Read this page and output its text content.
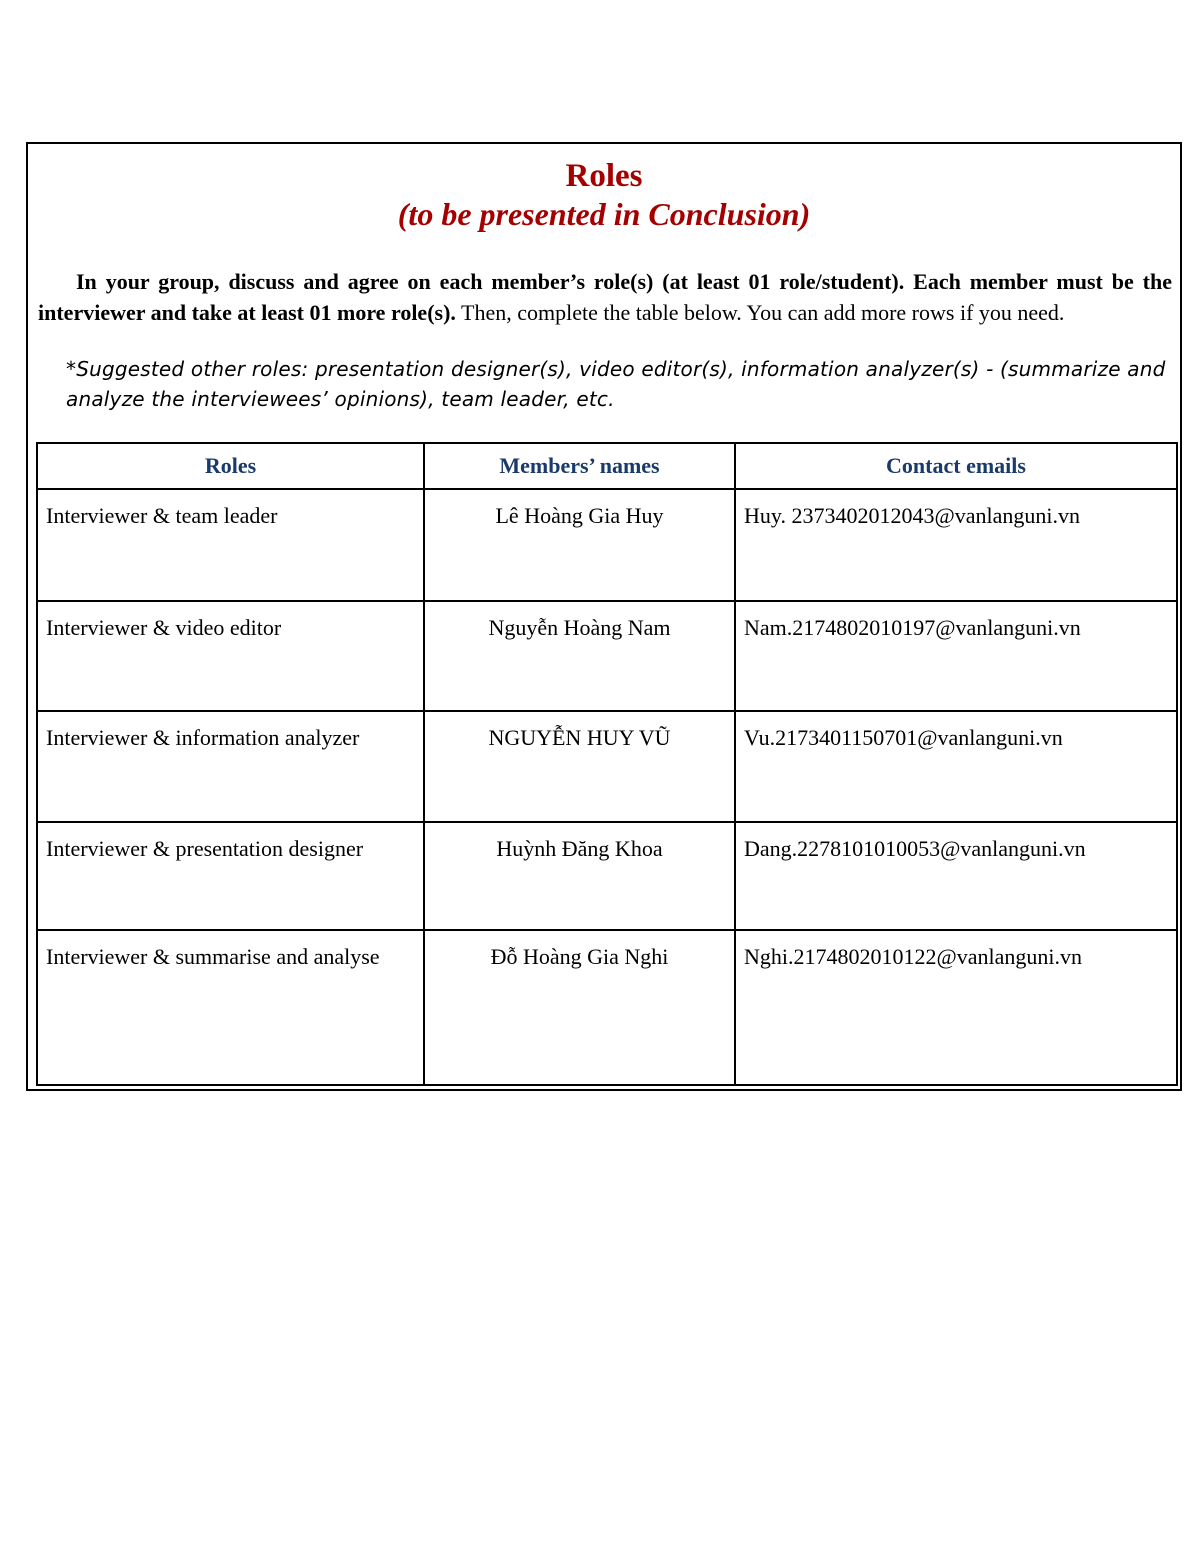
Roles
(to be presented in Conclusion)

In your group, discuss and agree on each member’s role(s) (at least 01 role/student). Each member must be the interviewer and take at least 01 more role(s). Then, complete the table below. You can add more rows if you need.

*Suggested other roles: presentation designer(s), video editor(s), information analyzer(s) - (summarize and analyze the interviewees’ opinions), team leader, etc.
Roles	Members’ names	Contact emails
Interviewer & team leader	Lê Hoàng Gia Huy	Huy. 2373402012043@vanlanguni.vn
Interviewer & video editor	Nguyễn Hoàng Nam	Nam.2174802010197@vanlanguni.vn
Interviewer & information analyzer	NGUYỄN HUY VŨ	Vu.2173401150701@vanlanguni.vn
Interviewer & presentation designer	Huỳnh Đăng Khoa	Dang.2278101010053@vanlanguni.vn
Interviewer & summarise and analyse	Đỗ Hoàng Gia Nghi	Nghi.2174802010122@vanlanguni.vn
